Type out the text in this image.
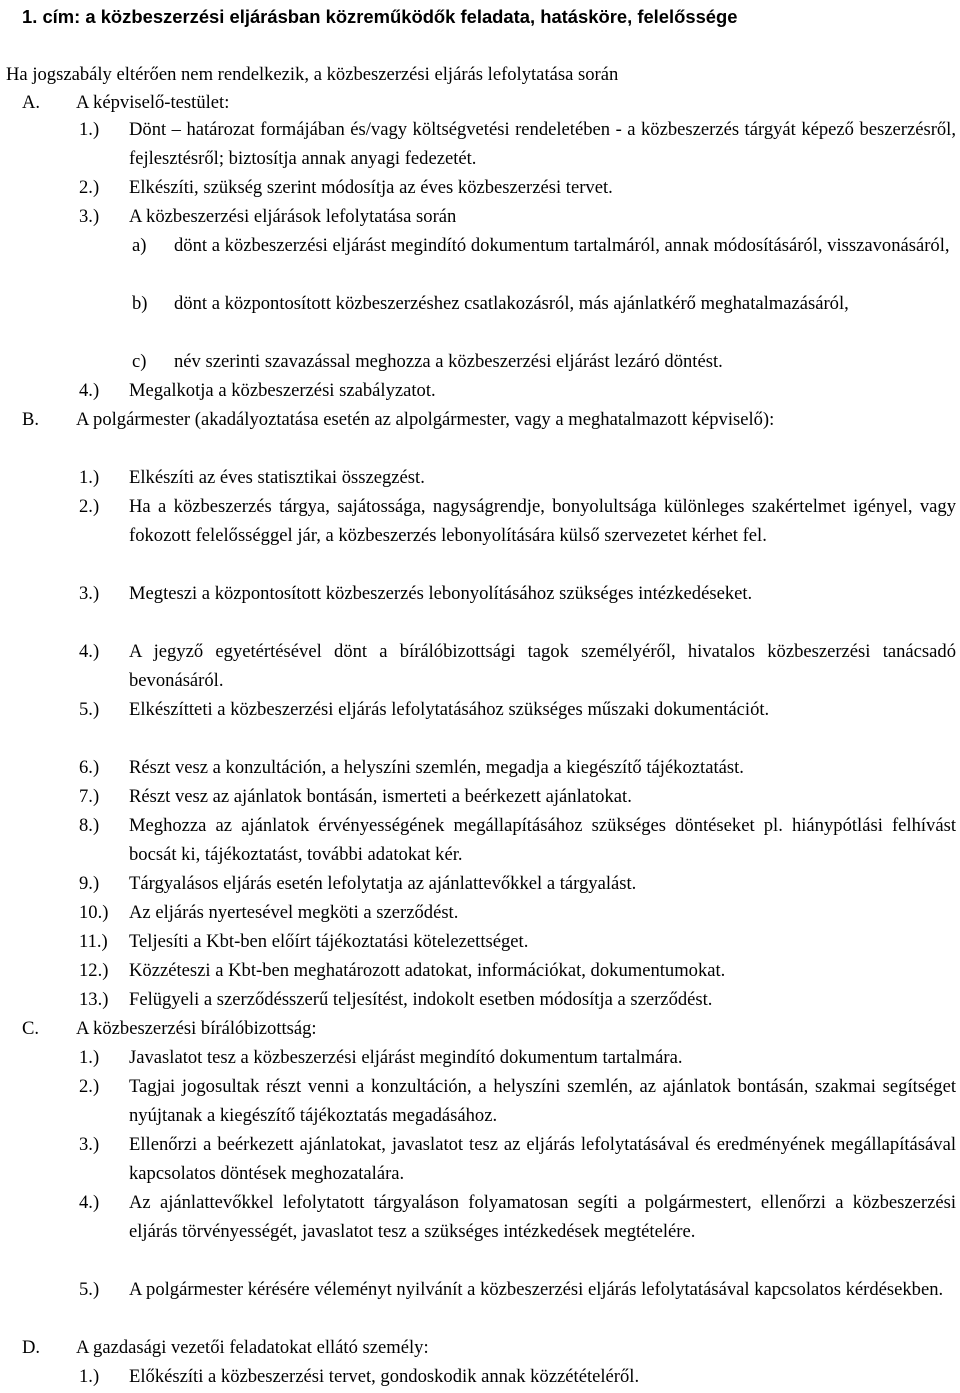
1. cím: a közbeszerzési eljárásban közreműködők feladata, hatásköre, felelőssége
Ha jogszabály eltérően nem rendelkezik, a közbeszerzési eljárás lefolytatása során
A.	A képviselő-testület:
1.)	Dönt – határozat formájában és/vagy költségvetési rendeletében - a közbeszerzés tárgyát képező beszerzésről, fejlesztésről; biztosítja annak anyagi fedezetét.
2.)	Elkészíti, szükség szerint módosítja az éves közbeszerzési tervet.
3.)	A közbeszerzési eljárások lefolytatása során
a)	dönt a közbeszerzési eljárást megindító dokumentum tartalmáról, annak módosításáról, visszavonásáról,
b)	dönt a központosított közbeszerzéshez csatlakozásról, más ajánlatkérő meghatalmazásáról,
c)	név szerinti szavazással meghozza a közbeszerzési eljárást lezáró döntést.
4.)	Megalkotja a közbeszerzési szabályzatot.
B.	A polgármester (akadályoztatása esetén az alpolgármester, vagy a meghatalmazott képviselő):
1.)	Elkészíti az éves statisztikai összegzést.
2.)	Ha a közbeszerzés tárgya, sajátossága, nagyságrendje, bonyolultsága különleges szakértelmet igényel, vagy fokozott felelősséggel jár, a közbeszerzés lebonyolítására külső szervezetet kérhet fel.
3.)	Megteszi a központosított közbeszerzés lebonyolításához szükséges intézkedéseket.
4.)	A jegyző egyetértésével dönt a bírálóbizottsági tagok személyéről, hivatalos közbeszerzési tanácsadó bevonásáról.
5.)	Elkészítteti a közbeszerzési eljárás lefolytatásához szükséges műszaki dokumentációt.
6.)	Részt vesz a konzultáción, a helyszíni szemlén, megadja a kiegészítő tájékoztatást.
7.)	Részt vesz az ajánlatok bontásán, ismerteti a beérkezett ajánlatokat.
8.)	Meghozza az ajánlatok érvényességének megállapításához szükséges döntéseket pl. hiánypótlási felhívást bocsát ki, tájékoztatást, további adatokat kér.
9.)	Tárgyalásos eljárás esetén lefolytatja az ajánlattevőkkel a tárgyalást.
10.)	Az eljárás nyertesével megköti a szerződést.
11.)	Teljesíti a Kbt-ben előírt tájékoztatási kötelezettséget.
12.)	Közzéteszi a Kbt-ben meghatározott adatokat, információkat, dokumentumokat.
13.)	Felügyeli a szerződésszerű teljesítést, indokolt esetben módosítja a szerződést.
C.	A közbeszerzési bírálóbizottság:
1.)	Javaslatot tesz a közbeszerzési eljárást megindító dokumentum tartalmára.
2.)	Tagjai jogosultak részt venni a konzultáción, a helyszíni szemlén, az ajánlatok bontásán, szakmai segítséget nyújtanak a kiegészítő tájékoztatás megadásához.
3.)	Ellenőrzi a beérkezett ajánlatokat, javaslatot tesz az eljárás lefolytatásával és eredményének megállapításával kapcsolatos döntések meghozatalára.
4.)	Az ajánlattevőkkel lefolytatott tárgyaláson folyamatosan segíti a polgármestert, ellenőrzi a közbeszerzési eljárás törvényességét, javaslatot tesz a szükséges intézkedések megtételére.
5.)	A polgármester kérésére véleményt nyilvánít a közbeszerzési eljárás lefolytatásával kapcsolatos kérdésekben.
D.	A gazdasági vezetői feladatokat ellátó személy:
1.)	Előkészíti a közbeszerzési tervet, gondoskodik annak közzétételéről.
